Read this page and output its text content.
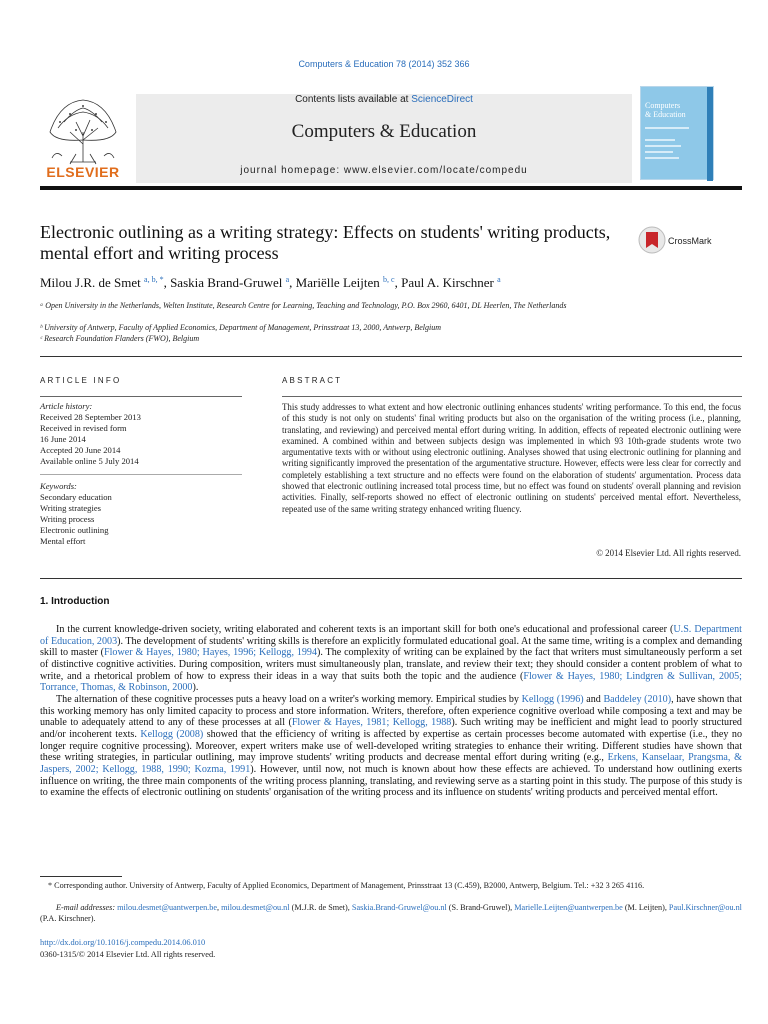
Computers & Education 78 (2014) 352 366
ELSEVIER
Contents lists available at ScienceDirect
Computers & Education
journal homepage: www.elsevier.com/locate/compedu
Computers
& Education
Electronic outlining as a writing strategy: Effects on students' writing products, mental effort and writing process
CrossMark
Milou J.R. de Smet $^{a, b, *}$, Saskia Brand-Gruwel $^a$, Mariëlle Leijten $^{b, c}$, Paul A. Kirschner $^a$
ᵃ Open University in the Netherlands, Welten Institute, Research Centre for Learning, Teaching and Technology, P.O. Box 2960, 6401, DL Heerlen, The Netherlands
ᵇ University of Antwerp, Faculty of Applied Economics, Department of Management, Prinsstraat 13, 2000, Antwerp, Belgium
ᶜ Research Foundation Flanders (FWO), Belgium
ARTICLE INFO
Article history:
Received 28 September 2013
Received in revised form
16 June 2014
Accepted 20 June 2014
Available online 5 July 2014
Keywords:
Secondary education
Writing strategies
Writing process
Electronic outlining
Mental effort
ABSTRACT
This study addresses to what extent and how electronic outlining enhances students' writing performance. To this end, the focus of this study is not only on students' final writing products but also on the organisation of the writing process (i.e., planning, translating, and reviewing) and perceived mental effort during writing. In addition, effects of repeated electronic outlining were examined. A combined within and between subjects design was implemented in which 93 10th-grade students wrote two argumentative texts with or without using electronic outlining. Analyses showed that using electronic outlining for planning and writing significantly improved the presentation of the argumentative structure. However, effects were less clear for correctly and completely establishing a text structure and no effects were found on the elaboration of students' argumentation. Process data showed that electronic outlining increased total process time, but no effect was found on students' overall planning and revision activities. Finally, self-reports showed no effect of electronic outlining on students' perceived mental effort. Nevertheless, repeated use of the same writing strategy enhanced writing fluency.
© 2014 Elsevier Ltd. All rights reserved.
1. Introduction

In the current knowledge-driven society, writing elaborated and coherent texts is an important skill for both one's educational and professional career (U.S. Department of Education, 2003). The development of students' writing skills is therefore an explicitly formulated educational goal. At the same time, writing is a complex and demanding skill to master (Flower & Hayes, 1980; Hayes, 1996; Kellogg, 1994). The complexity of writing can be explained by the fact that writers must simultaneously perform a set of distinctive cognitive activities. During composition, writers must simultaneously plan, translate, and review their text; they should consider a content problem of what to write, and a rhetorical problem of how to express their ideas in a way that suits both the topic and the audience (Flower & Hayes, 1980; Lindgren & Sullivan, 2005; Torrance, Thomas, & Robinson, 2000).

The alternation of these cognitive processes puts a heavy load on a writer's working memory. Empirical studies by Kellogg (1996) and Baddeley (2010), have shown that this working memory has only limited capacity to process and store information. Writers, therefore, often experience cognitive overload while composing a text and may be unable to adequately attend to any of these processes at all (Flower & Hayes, 1981; Kellogg, 1988). Such writing may be inefficient and might lead to poorly structured and/or incoherent texts. Kellogg (2008) showed that the efficiency of writing is affected by expertise as certain processes become automated with expertise (i.e., they no longer require cognitive processing). Moreover, expert writers make use of well-developed writing strategies to enhance their writing. Different studies have shown that these writing strategies, in particular outlining, may improve students' writing products and decrease mental effort during writing (e.g., Erkens, Kanselaar, Prangsma, & Jaspers, 2002; Kellogg, 1988, 1990; Kozma, 1991). However, until now, not much is known about how these effects are achieved. To understand how outlining exerts influence on writing, the three main components of the writing process planning, translating, and reviewing serve as a starting point in this study. The purpose of this study is to examine the effects of electronic outlining on students' organisation of the writing process and its influence on students' writing products and perceived mental effort.

* Corresponding author. University of Antwerp, Faculty of Applied Economics, Department of Management, Prinsstraat 13 (C.459), B2000, Antwerp, Belgium. Tel.: +32 3 265 4116.
E-mail addresses: milou.desmet@uantwerpen.be, milou.desmet@ou.nl (M.J.R. de Smet), Saskia.Brand-Gruwel@ou.nl (S. Brand-Gruwel), Marielle.Leijten@uantwerpen.be (M. Leijten), Paul.Kirschner@ou.nl (P.A. Kirschner).
http://dx.doi.org/10.1016/j.compedu.2014.06.010
0360-1315/© 2014 Elsevier Ltd. All rights reserved.
